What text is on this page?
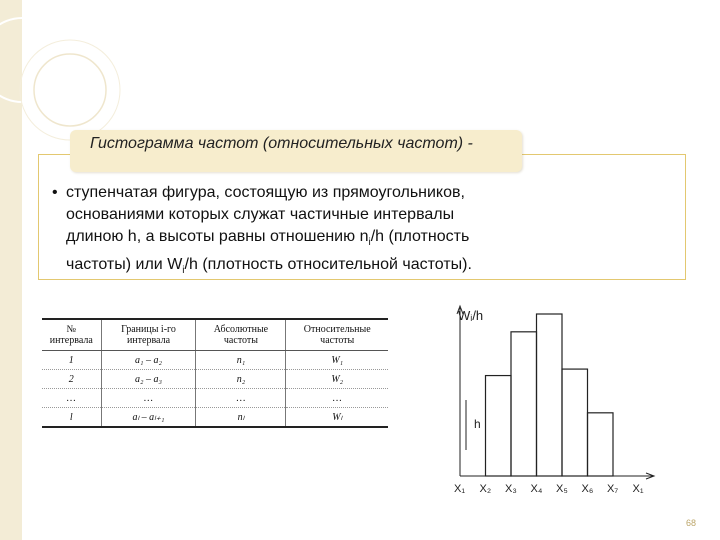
Гистограмма частот (относительных частот) -
• ступенчатая фигура, состоящую из прямоугольников,
основаниями которых служат частичные интервалы
длиною h, а высоты равны отношению $n_i/h$ (плотность
частоты) или $W_i/h$ (плотность относительной частоты).
№ интервала	Границы i-го интервала	Абсолютные частоты	Относительные частоты
1	a₁ – a₂	n₁	W₁
2	a₂ – a₃	n₂	W₂
…	…	…	…
l	aₗ – aₗ₊₁	nₗ	Wₗ
Wᵢ/h
h
X₁ X₂ X₃ X₄ X₅ X₆ X₇ X₁
68
